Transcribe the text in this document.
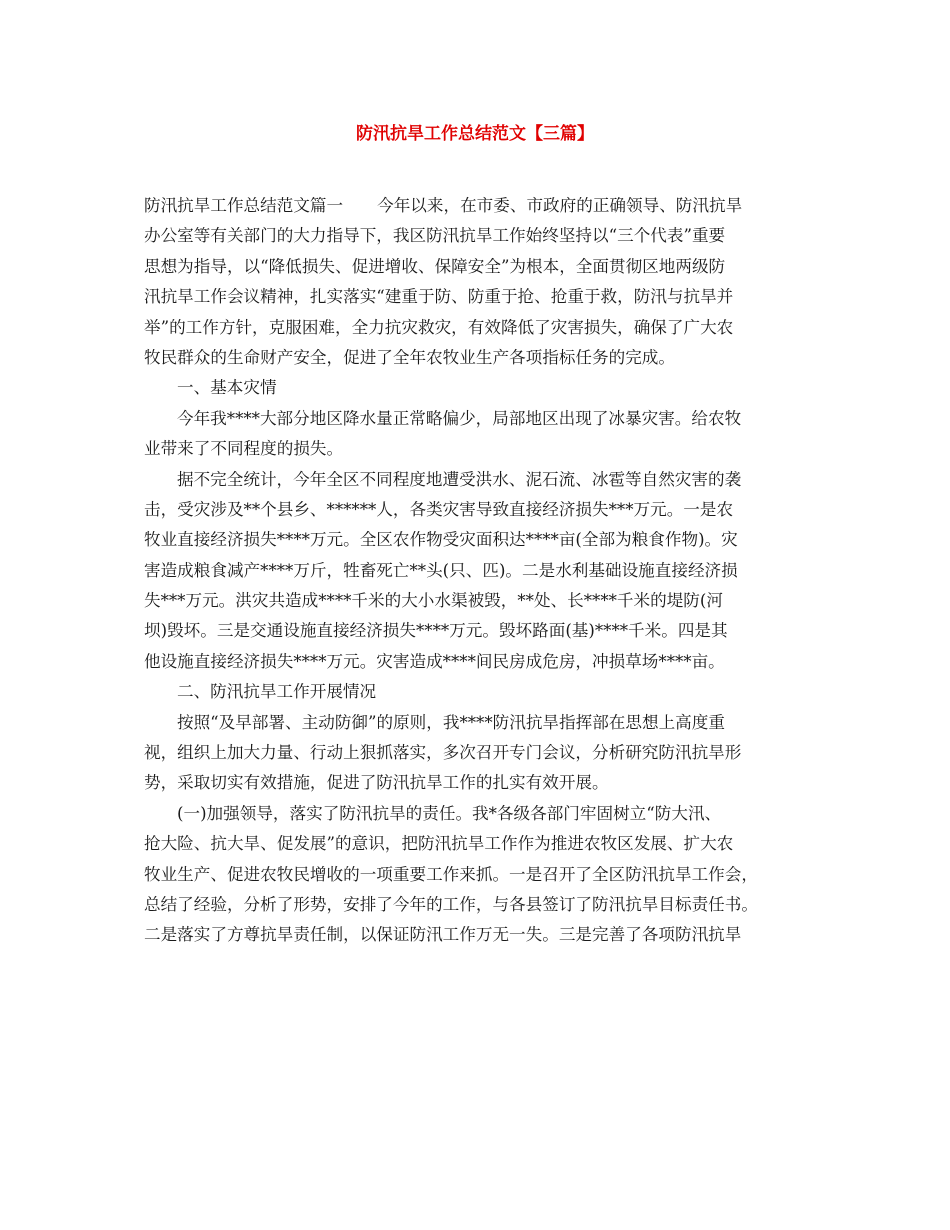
防汛抗旱工作总结范文【三篇】
防汛抗旱工作总结范文篇一 今年以来，在市委、市政府的正确领导、防汛抗旱
办公室等有关部门的大力指导下，我区防汛抗旱工作始终坚持以“三个代表”重要
思想为指导，以“降低损失、促进增收、保障安全”为根本，全面贯彻区地两级防
汛抗旱工作会议精神，扎实落实“建重于防、防重于抢、抢重于救，防汛与抗旱并
举”的工作方针，克服困难，全力抗灾救灾，有效降低了灾害损失，确保了广大农
牧民群众的生命财产安全，促进了全年农牧业生产各项指标任务的完成。
一、基本灾情
今年我****大部分地区降水量正常略偏少，局部地区出现了冰暴灾害。给农牧
业带来了不同程度的损失。
据不完全统计，今年全区不同程度地遭受洪水、泥石流、冰雹等自然灾害的袭
击，受灾涉及**个县乡、******人，各类灾害导致直接经济损失***万元。一是农
牧业直接经济损失****万元。全区农作物受灾面积达****亩(全部为粮食作物)。灾
害造成粮食减产****万斤，牲畜死亡**头(只、匹)。二是水利基础设施直接经济损
失***万元。洪灾共造成****千米的大小水渠被毁，**处、长****千米的堤防(河
坝)毁坏。三是交通设施直接经济损失****万元。毁坏路面(基)****千米。四是其
他设施直接经济损失****万元。灾害造成****间民房成危房，冲损草场****亩。
二、防汛抗旱工作开展情况
按照“及早部署、主动防御”的原则，我****防汛抗旱指挥部在思想上高度重
视，组织上加大力量、行动上狠抓落实，多次召开专门会议，分析研究防汛抗旱形
势，采取切实有效措施，促进了防汛抗旱工作的扎实有效开展。
(一)加强领导，落实了防汛抗旱的责任。我*各级各部门牢固树立“防大汛、
抢大险、抗大旱、促发展”的意识，把防汛抗旱工作作为推进农牧区发展、扩大农
牧业生产、促进农牧民增收的一项重要工作来抓。一是召开了全区防汛抗旱工作会，
总结了经验，分析了形势，安排了今年的工作，与各县签订了防汛抗旱目标责任书。
二是落实了方尊抗旱责任制，以保证防汛工作万无一失。三是完善了各项防汛抗旱
